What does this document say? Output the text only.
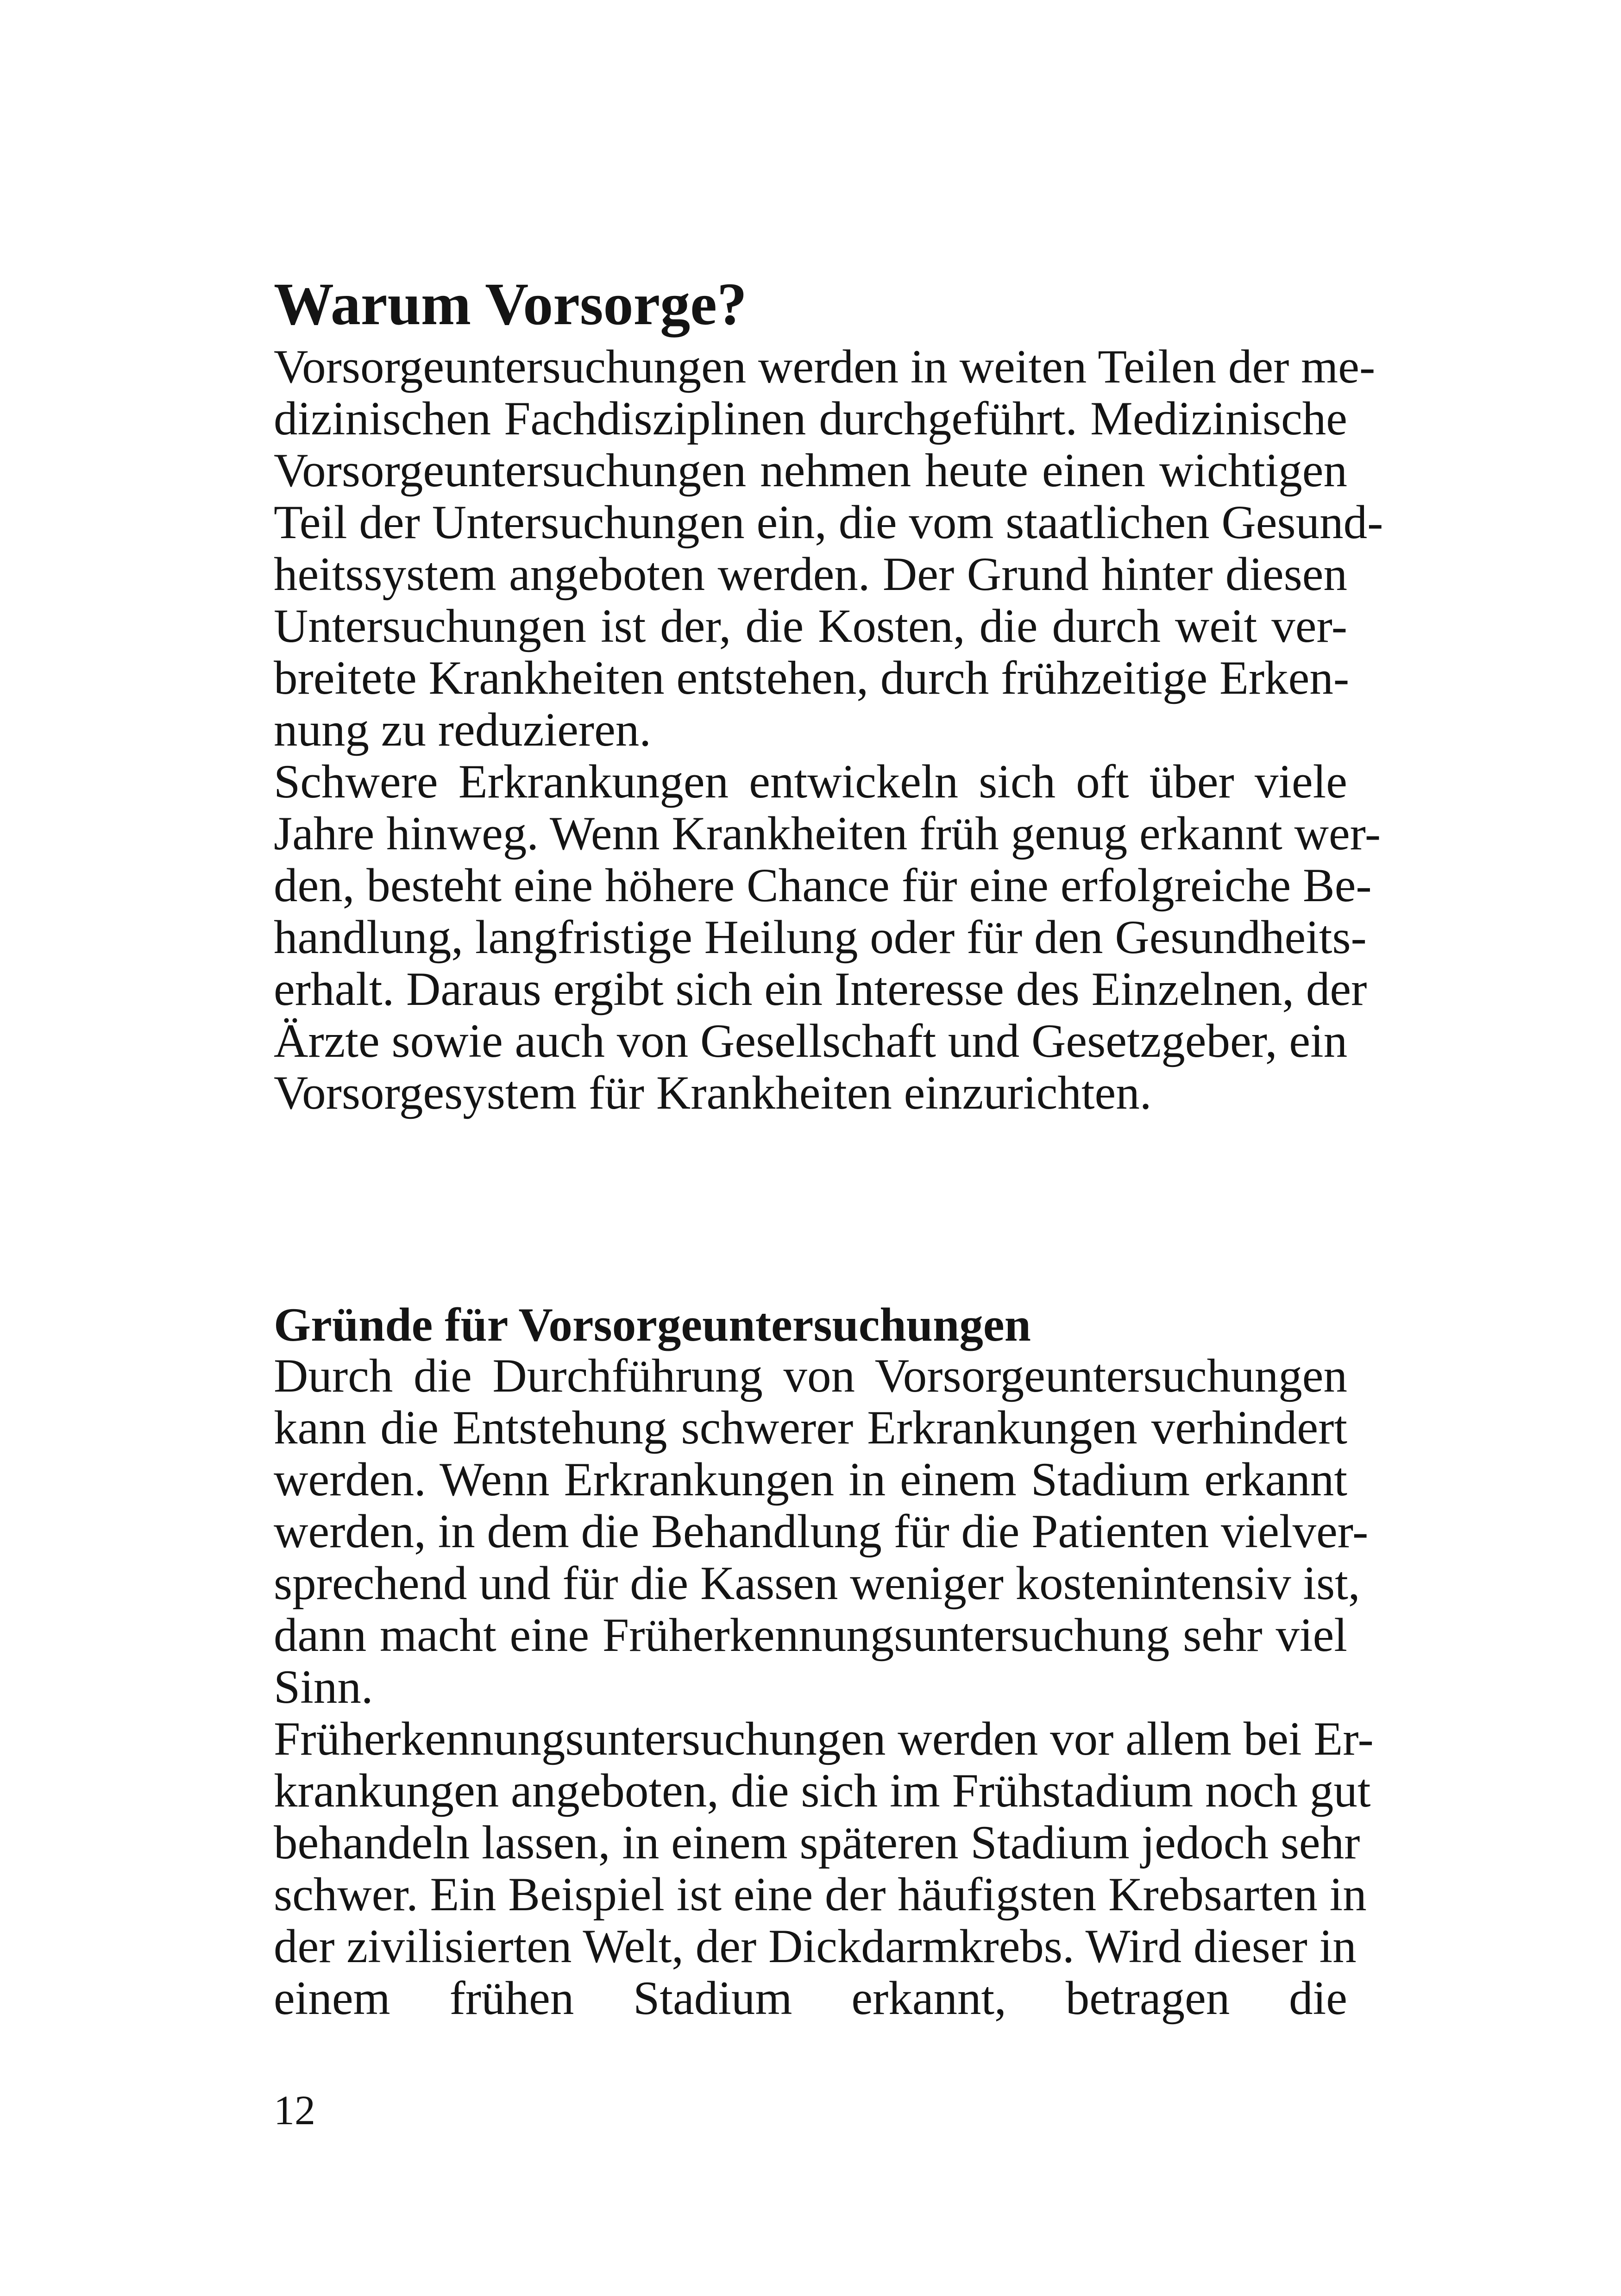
Warum Vorsorge?
Vorsorgeuntersuchungen werden in weiten Teilen der me-
dizinischen Fachdisziplinen durchgeführt. Medizinische
Vorsorgeuntersuchungen nehmen heute einen wichtigen
Teil der Untersuchungen ein, die vom staatlichen Gesund-
heitssystem angeboten werden. Der Grund hinter diesen
Untersuchungen ist der, die Kosten, die durch weit ver-
breitete Krankheiten entstehen, durch frühzeitige Erken-
nung zu reduzieren.
Schwere Erkrankungen entwickeln sich oft über viele
Jahre hinweg. Wenn Krankheiten früh genug erkannt wer-
den, besteht eine höhere Chance für eine erfolgreiche Be-
handlung, langfristige Heilung oder für den Gesundheits-
erhalt. Daraus ergibt sich ein Interesse des Einzelnen, der
Ärzte sowie auch von Gesellschaft und Gesetzgeber, ein
Vorsorgesystem für Krankheiten einzurichten.
Gründe für Vorsorgeuntersuchungen
Durch die Durchführung von Vorsorgeuntersuchungen
kann die Entstehung schwerer Erkrankungen verhindert
werden. Wenn Erkrankungen in einem Stadium erkannt
werden, in dem die Behandlung für die Patienten vielver-
sprechend und für die Kassen weniger kostenintensiv ist,
dann macht eine Früherkennungsuntersuchung sehr viel
Sinn.
Früherkennungsuntersuchungen werden vor allem bei Er-
krankungen angeboten, die sich im Frühstadium noch gut
behandeln lassen, in einem späteren Stadium jedoch sehr
schwer. Ein Beispiel ist eine der häufigsten Krebsarten in
der zivilisierten Welt, der Dickdarmkrebs. Wird dieser in
einem frühen Stadium erkannt, betragen die
12
